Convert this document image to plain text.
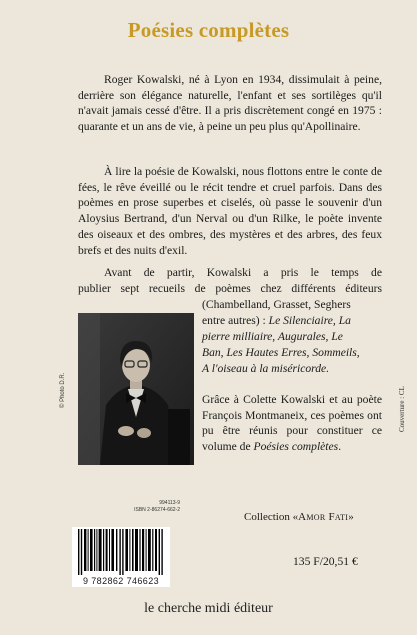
Poésies complètes

Roger Kowalski, né à Lyon en 1934, dissimulait à peine, derrière son élégance naturelle, l'enfant et ses sortilèges qu'il n'avait jamais cessé d'être. Il a pris discrètement congé en 1975 : quarante et un ans de vie, à peine un peu plus qu'Apollinaire.

À lire la poésie de Kowalski, nous flottons entre le conte de fées, le rêve éveillé ou le récit tendre et cruel parfois. Dans des poèmes en prose superbes et ciselés, où passe le souvenir d'un Aloysius Bertrand, d'un Nerval ou d'un Rilke, le poète invente des oiseaux et des ombres, des mystères et des arbres, des feux brefs et des nuits d'exil.

Avant de partir, Kowalski a pris le temps de
publier sept recueils de poèmes chez différents éditeurs
(Chambelland, Grasset, Seghers
entre autres) : Le Silenciaire, La
pierre milliaire, Augurales, Le
Ban, Les Hautes Erres, Sommeils,
A l'oiseau à la miséricorde.

Grâce à Colette Kowalski et au poète François Montmaneix, ces poèmes ont pu être réunis pour constituer ce volume de Poésies complètes.

© Photo D.R.	Couverture : CL
Collection «Amor Fati»
994113-9
ISBN 2-86274-662-2
9 782862 746623
135 F/20,51 €
le cherche midi éditeur
